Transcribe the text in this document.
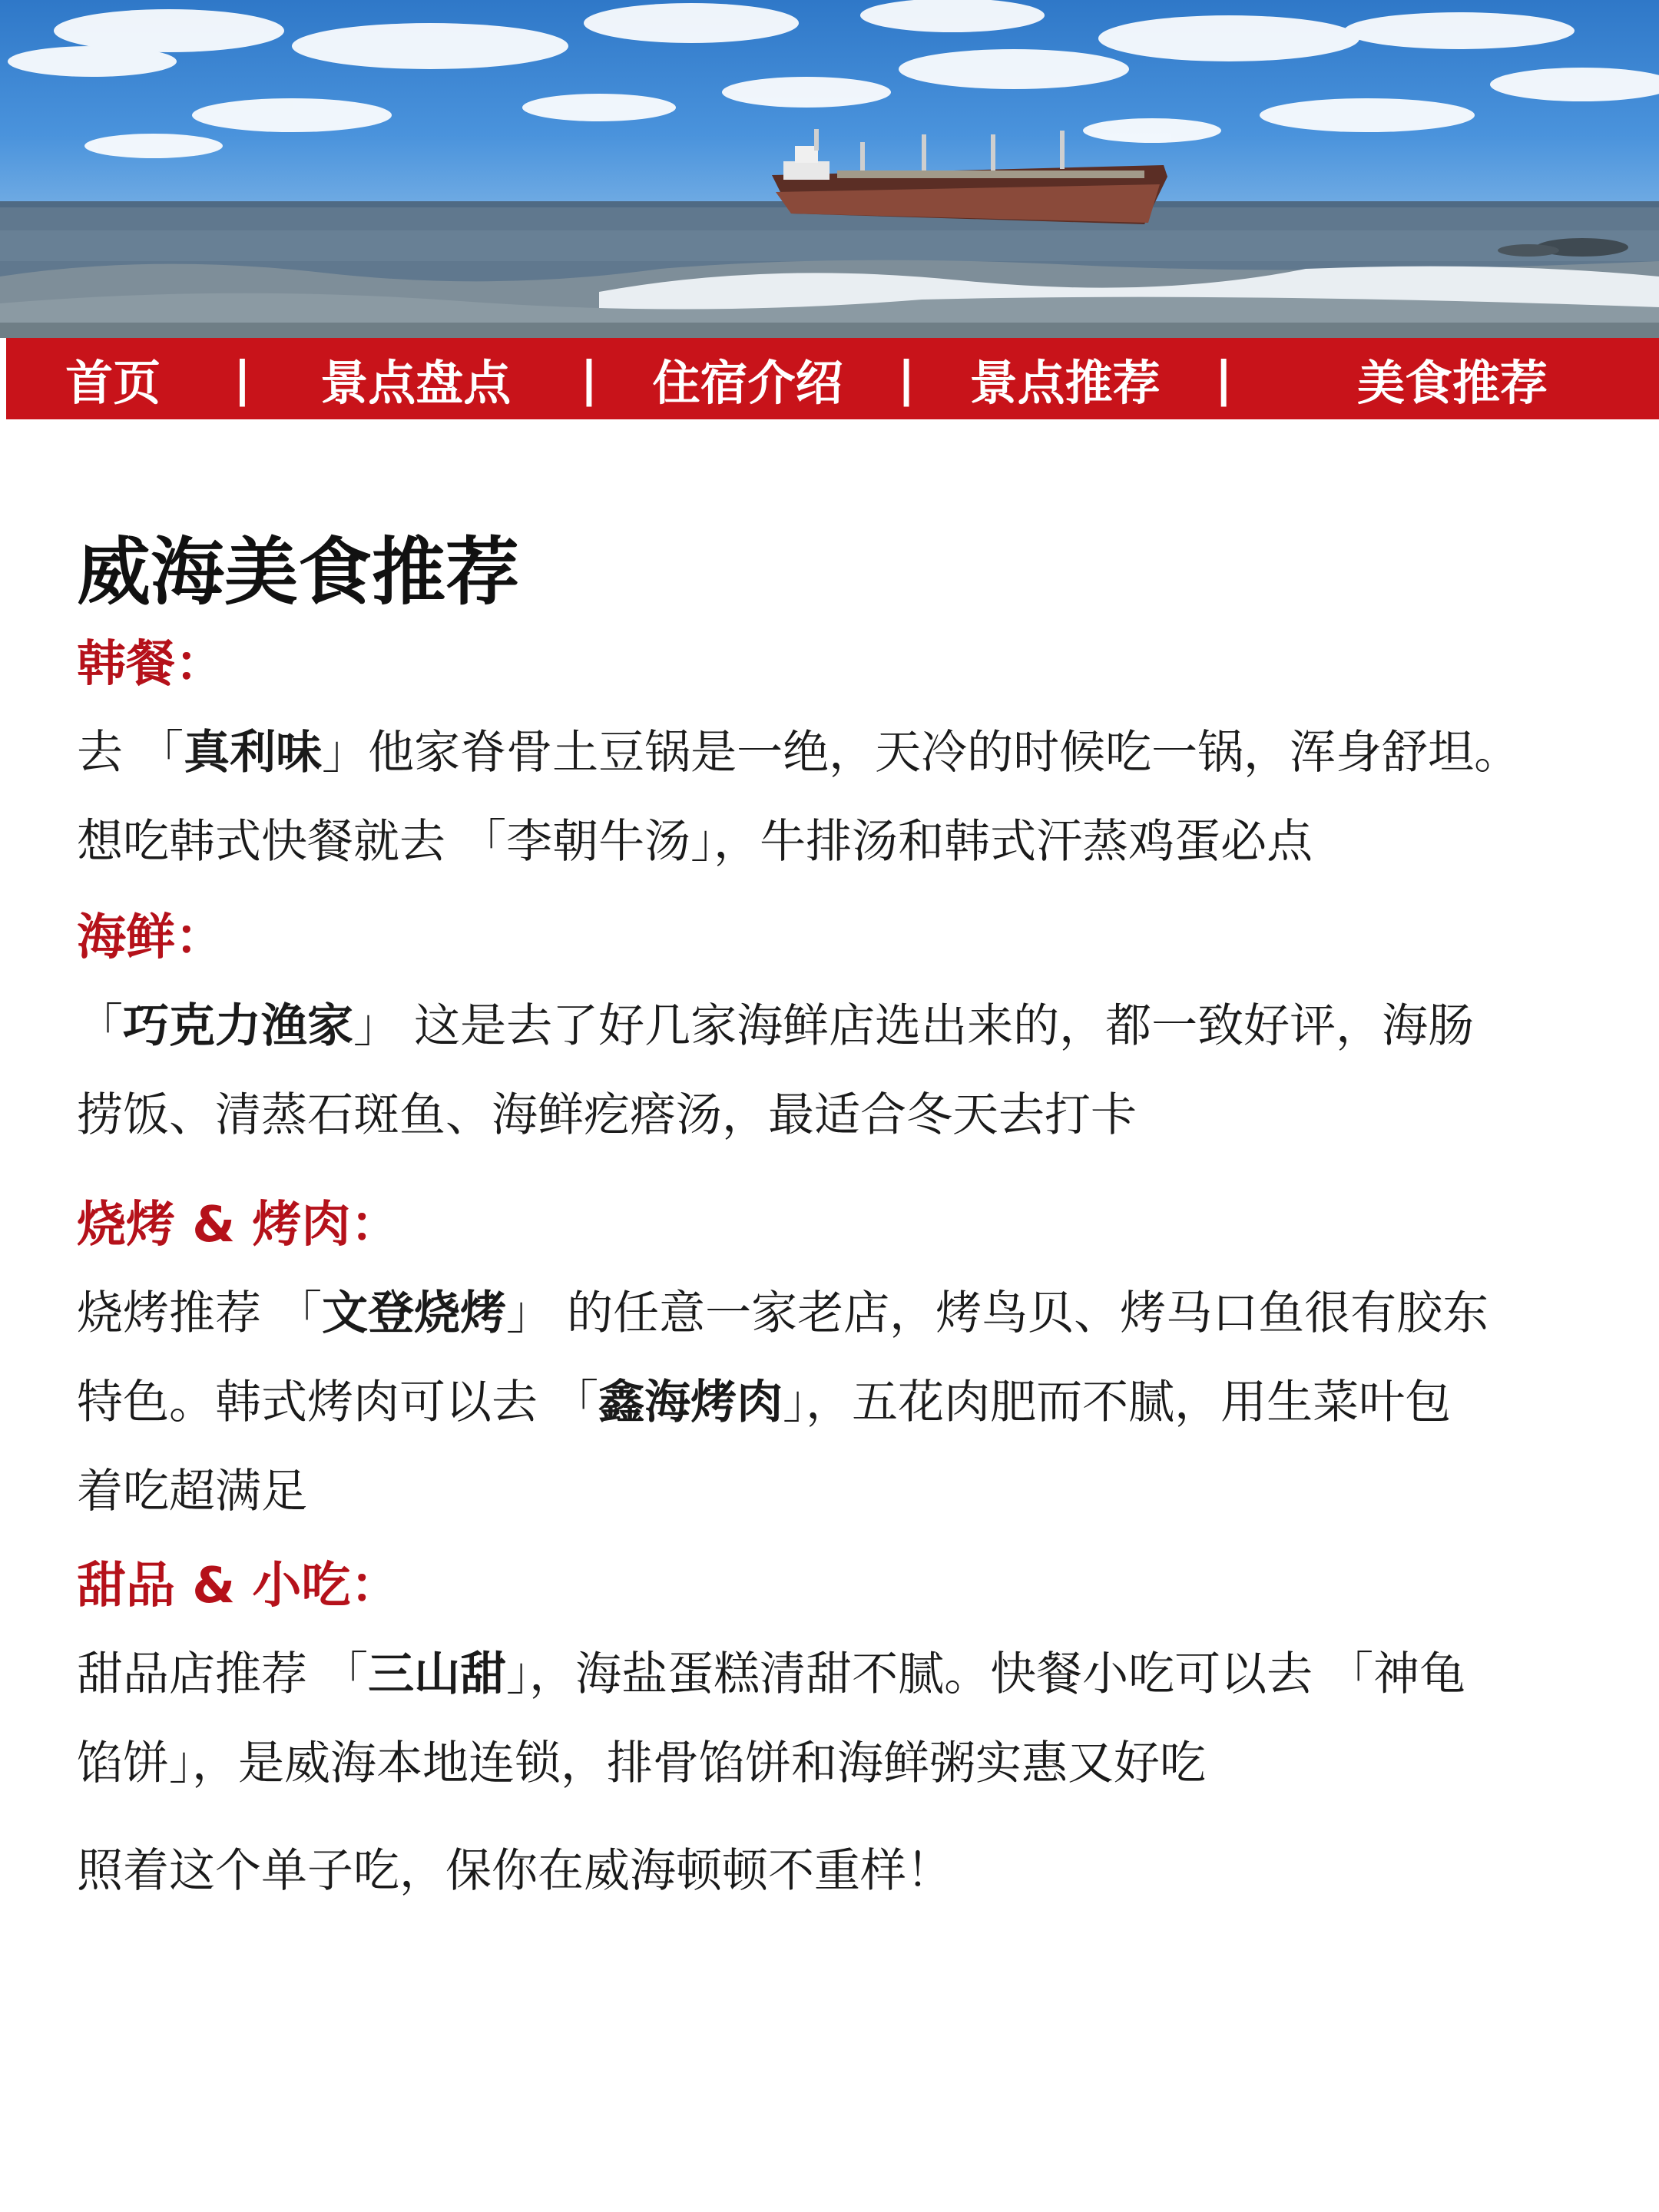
首页	|	景点盘点	|	住宿介绍	|	景点推荐	|	美食推荐
威海美食推荐

韩餐：

去 「真利味」他家脊骨土豆锅是一绝，天冷的时候吃一锅，浑身舒坦。

想吃韩式快餐就去 「李朝牛汤」，牛排汤和韩式汗蒸鸡蛋必点

海鲜：

「巧克力渔家」 这是去了好几家海鲜店选出来的，都一致好评，海肠

捞饭、清蒸石斑鱼、海鲜疙瘩汤，最适合冬天去打卡

烧烤 & 烤肉：

烧烤推荐 「文登烧烤」 的任意一家老店，烤鸟贝、烤马口鱼很有胶东

特色。韩式烤肉可以去 「鑫海烤肉」，五花肉肥而不腻，用生菜叶包

着吃超满足

甜品 & 小吃：

甜品店推荐 「三山甜」，海盐蛋糕清甜不腻。快餐小吃可以去 「神龟

馅饼」，是威海本地连锁，排骨馅饼和海鲜粥实惠又好吃

照着这个单子吃，保你在威海顿顿不重样！
